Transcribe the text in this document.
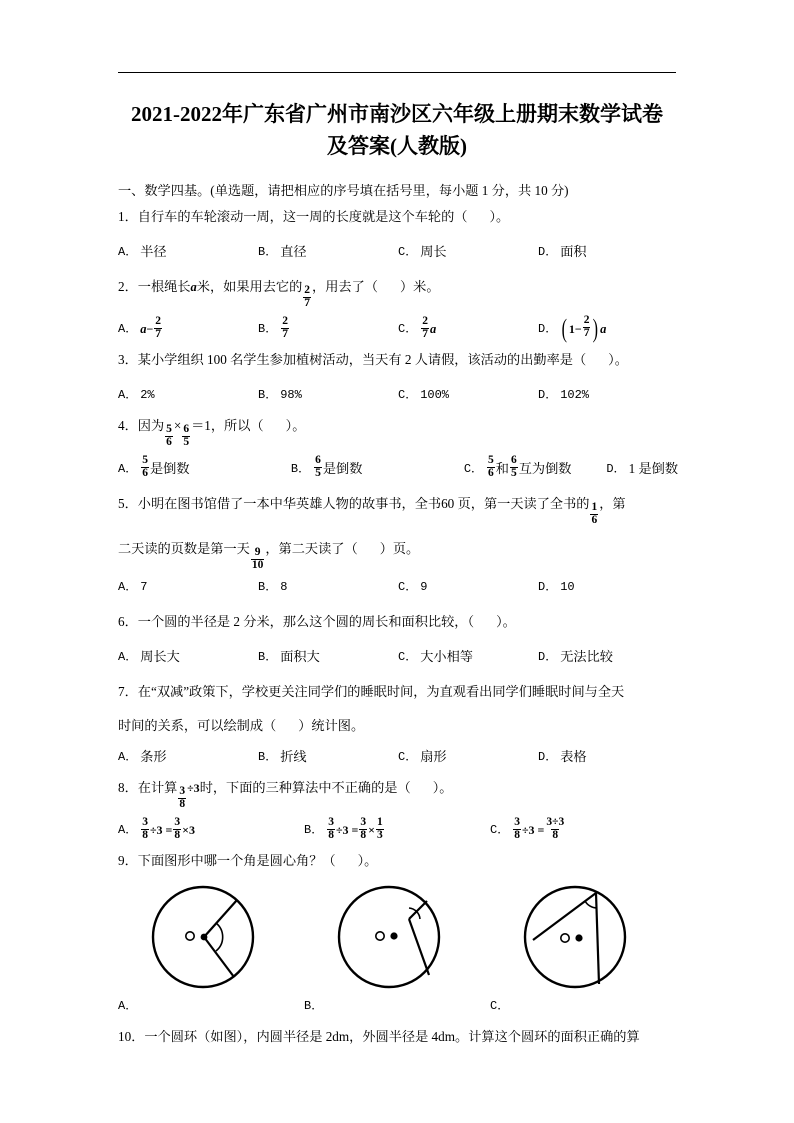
2021-2022年广东省广州市南沙区六年级上册期末数学试卷
及答案(人教版)
一、数学四基。(单选题，请把相应的序号填在括号里，每小题 1 分，共 10 分)
1．自行车的车轮滚动一周，这一周的长度就是这个车轮的（ ）。
A． 半径	B． 直径	C． 周长	D． 面积
2．一根绳长a米，如果用去它的 $\frac{2}{7}$ ，用去了（ ）米。
A． $a - \frac{2}{7}$	B． $\frac{2}{7}$	C． $\frac{2}{7}$ a	D． ( $1 - \frac{2}{7}$ ) a
3．某小学组织 100 名学生参加植树活动，当天有 2 人请假，该活动的出勤率是（ ）。
A． 2%	B． 98%	C． 100%	D． 102%
4．因为 $\frac{5}{6} \times \frac{6}{5} =1$，所以（ ）。
A． $\frac{5}{6}$ 是倒数	B． $\frac{6}{5}$ 是倒数	C． $\frac{5}{6}$ 和 $\frac{6}{5}$ 互为倒数	D． 1 是倒数
5．小明在图书馆借了一本中华英雄人物的故事书，全书60 页，第一天读了全书的 $\frac{1}{6}$ ，第
二天读的页数是第一天 $\frac{9}{10}$ ，第二天读了（ ）页。
A． 7	B． 8	C． 9	D． 10
6．一个圆的半径是 2 分米，那么这个圆的周长和面积比较，（ ）。
A． 周长大	B． 面积大	C． 大小相等	D． 无法比较
7．在“双减”政策下，学校更关注同学们的睡眠时间，为直观看出同学们睡眠时间与全天
时间的关系，可以绘制成（ ）统计图。
A． 条形	B． 折线	C． 扇形	D． 表格
8．在计算 $\frac{3}{8} \div 3$时，下面的三种算法中不正确的是（ ）。
A． $\frac{3}{8} \div 3 = \frac{3}{8} \times 3$	B． $\frac{3}{8} \div 3 = \frac{3}{8} \times \frac{1}{3}$	C． $\frac{3}{8} \div 3 = \frac{3\div 3}{8}$
9．下面图形中哪一个角是圆心角？（ ）。
A．	B．	C．
10．一个圆环（如图），内圆半径是 2dm，外圆半径是 4dm。计算这个圆环的面积正确的算
